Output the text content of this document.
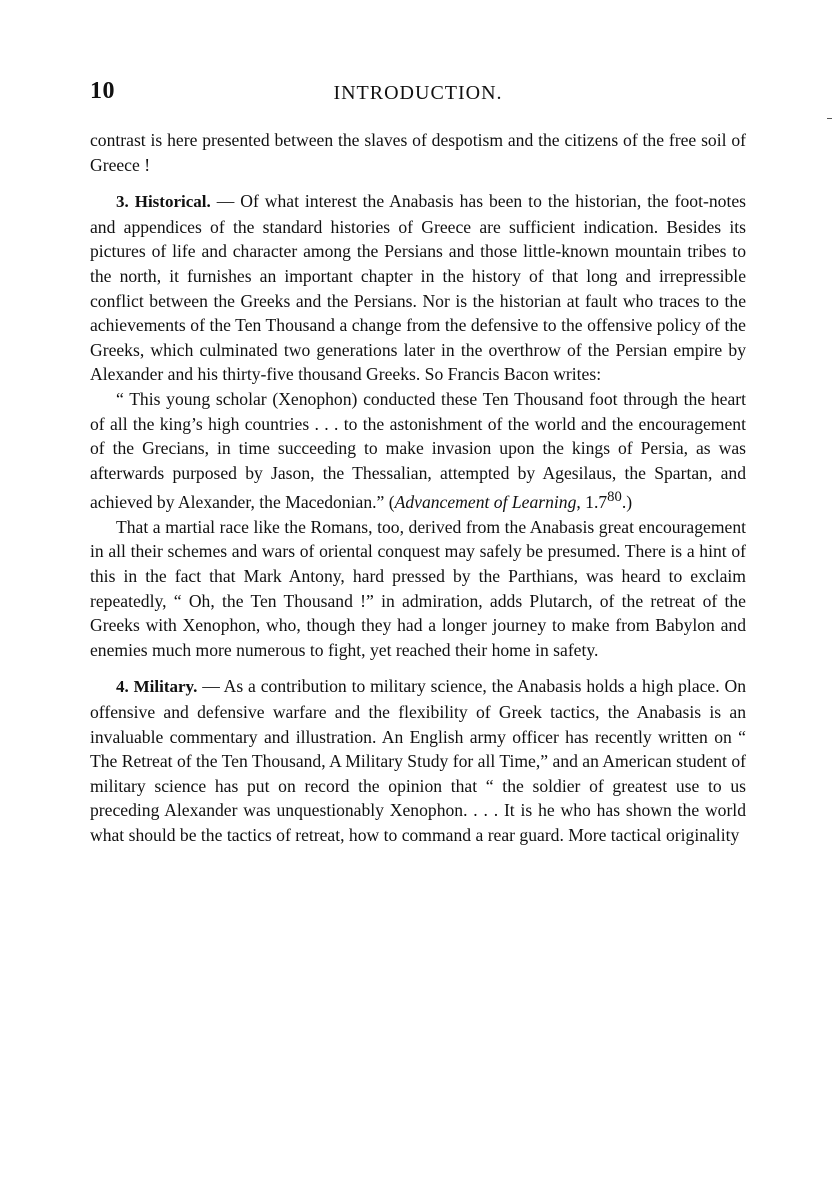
10	INTRODUCTION.

contrast is here presented between the slaves of despotism and the citizens of the free soil of Greece !

3. Historical. — Of what interest the Anabasis has been to the historian, the foot-notes and appendices of the standard histories of Greece are sufficient indication. Besides its pictures of life and character among the Persians and those little-known mountain tribes to the north, it furnishes an important chapter in the history of that long and irrepressible conflict between the Greeks and the Persians. Nor is the historian at fault who traces to the achievements of the Ten Thousand a change from the defensive to the offensive policy of the Greeks, which culminated two generations later in the overthrow of the Persian empire by Alexander and his thirty-five thousand Greeks. So Francis Bacon writes:

“ This young scholar (Xenophon) conducted these Ten Thousand foot through the heart of all the king’s high countries . . . to the astonishment of the world and the encouragement of the Grecians, in time succeeding to make invasion upon the kings of Persia, as was afterwards purposed by Jason, the Thessalian, attempted by Agesilaus, the Spartan, and achieved by Alexander, the Macedonian.” (Advancement of Learning, $1.7^{80}$.)

That a martial race like the Romans, too, derived from the Anabasis great encouragement in all their schemes and wars of oriental conquest may safely be presumed. There is a hint of this in the fact that Mark Antony, hard pressed by the Parthians, was heard to exclaim repeatedly, “ Oh, the Ten Thousand !” in admiration, adds Plutarch, of the retreat of the Greeks with Xenophon, who, though they had a longer journey to make from Babylon and enemies much more numerous to fight, yet reached their home in safety.

4. Military. — As a contribution to military science, the Anabasis holds a high place. On offensive and defensive warfare and the flexibility of Greek tactics, the Anabasis is an invaluable commentary and illustration. An English army officer has recently written on “ The Retreat of the Ten Thousand, A Military Study for all Time,” and an American student of military science has put on record the opinion that “ the soldier of greatest use to us preceding Alexander was unquestionably Xenophon. . . . It is he who has shown the world what should be the tactics of retreat, how to command a rear guard. More tactical originality
